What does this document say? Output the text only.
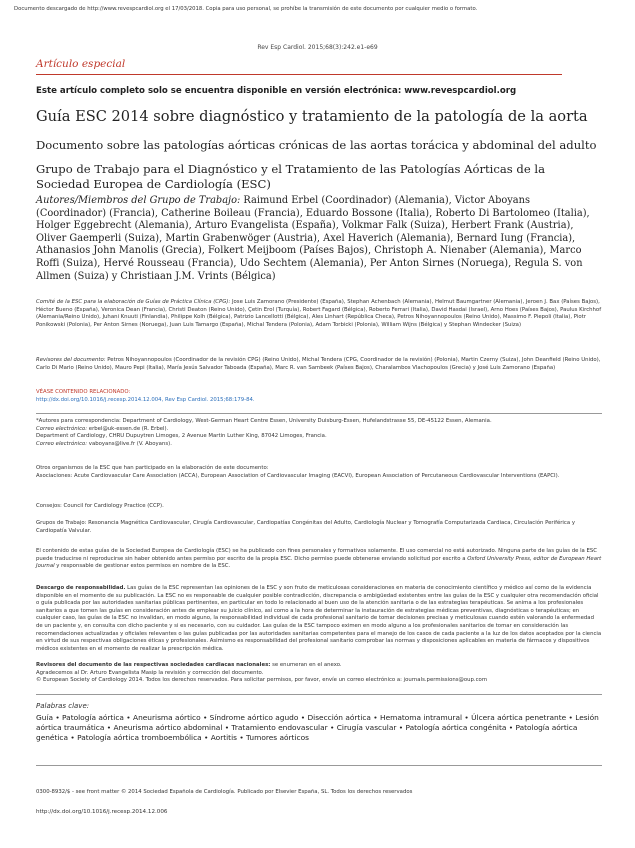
Documento descargado de http://www.revespcardiol.org el 17/03/2018. Copia para uso personal, se prohíbe la transmisión de este documento por cualquier medio o formato.
Rev Esp Cardiol. 2015;68(3):242.e1-e69
Artículo especial
Este artículo completo solo se encuentra disponible en versión electrónica: www.revespcardiol.org
Guía ESC 2014 sobre diagnóstico y tratamiento de la patología de la aorta
Documento sobre las patologías aórticas crónicas de las aortas torácica y abdominal del adulto
Grupo de Trabajo para el Diagnóstico y el Tratamiento de las Patologías Aórticas de la Sociedad Europea de Cardiología (ESC)
Autores/Miembros del Grupo de Trabajo: Raimund Erbel (Coordinador) (Alemania), Victor Aboyans (Coordinador) (Francia), Catherine Boileau (Francia), Eduardo Bossone (Italia), Roberto Di Bartolomeo (Italia), Holger Eggebrecht (Alemania), Arturo Evangelista (España), Volkmar Falk (Suiza), Herbert Frank (Austria), Oliver Gaemperli (Suiza), Martin Grabenwöger (Austria), Axel Haverich (Alemania), Bernard Iung (Francia), Athanasios John Manolis (Grecia), Folkert Meijboom (Países Bajos), Christoph A. Nienaber (Alemania), Marco Roffi (Suiza), Hervé Rousseau (Francia), Udo Sechtem (Alemania), Per Anton Sirnes (Noruega), Regula S. von Allmen (Suiza) y Christiaan J.M. Vrints (Bélgica)
Comité de la ESC para la elaboración de Guías de Práctica Clínica (CPG): Jose Luis Zamorano (Presidente) (España), Stephan Achenbach (Alemania), Helmut Baumgartner (Alemania), Jeroen J. Bax (Países Bajos), Héctor Bueno (España), Veronica Dean (Francia), Christi Deaton (Reino Unido), Çetin Erol (Turquía), Robert Fagard (Bélgica), Roberto Ferrari (Italia), David Hasdai (Israel), Arno Hoes (Países Bajos), Paulus Kirchhof (Alemania/Reino Unido), Juhani Knuuti (Finlandia), Philippe Kolh (Bélgica), Patrizio Lancellotti (Bélgica), Ales Linhart (República Checa), Petros Nihoyannopoulos (Reino Unido), Massimo F. Piepoli (Italia), Piotr Ponikowski (Polonia), Per Anton Sirnes (Noruega), Juan Luis Tamargo (España), Michal Tendera (Polonia), Adam Torbicki (Polonia), William Wijns (Bélgica) y Stephan Windecker (Suiza)
Revisores del documento: Petros Nihoyannopoulos (Coordinador de la revisión CPG) (Reino Unido), Michal Tendera (CPG, Coordinador de la revisión) (Polonia), Martin Czerny (Suiza), John Deanfield (Reino Unido), Carlo Di Mario (Reino Unido), Mauro Pepi (Italia), María Jesús Salvador Taboada (España), Marc R. van Sambeek (Países Bajos), Charalambos Vlachopoulos (Grecia) y José Luis Zamorano (España)
VÉASE CONTENIDO RELACIONADO:
http://dx.doi.org/10.1016/j.recesp.2014.12.004, Rev Esp Cardiol. 2015;68:179-84.
*Autores para correspondencia: Department of Cardiology, West-German Heart Centre Essen, University Duisburg-Essen, Hufelandstrasse 55, DE-45122 Essen, Alemania.
Correo electrónico: erbel@uk-essen.de (R. Erbel).
Department of Cardiology, CHRU Dupuytren Limoges, 2 Avenue Martin Luther King, 87042 Limoges, Francia.
Correo electrónico: vaboyans@live.fr (V. Aboyans).
Otros organismos de la ESC que han participado en la elaboración de este documento:
Asociaciones: Acute Cardiovascular Care Association (ACCA), European Association of Cardiovascular Imaging (EACVI), European Association of Percutaneous Cardiovascular Interventions (EAPCI).
Consejos: Council for Cardiology Practice (CCP).
Grupos de Trabajo: Resonancia Magnética Cardiovascular, Cirugía Cardiovascular, Cardiopatías Congénitas del Adulto, Cardiología Nuclear y Tomografía Computarizada Cardiaca, Circulación Periférica y Cardiopatía Valvular.
El contenido de estas guías de la Sociedad Europea de Cardiología (ESC) se ha publicado con fines personales y formativos solamente. El uso comercial no está autorizado. Ninguna parte de las guías de la ESC puede traducirse ni reproducirse sin haber obtenido antes permiso por escrito de la propia ESC. Dicho permiso puede obtenerse enviando solicitud por escrito a Oxford University Press, editor de European Heart Journal y responsable de gestionar estos permisos en nombre de la ESC.
Descargo de responsabilidad. Las guías de la ESC representan las opiniones de la ESC y son fruto de meticulosas consideraciones en materia de conocimiento científico y médico así como de la evidencia disponible en el momento de su publicación. La ESC no es responsable de cualquier posible contradicción, discrepancia o ambigüedad existentes entre las guías de la ESC y cualquier otra recomendación oficial o guía publicada por las autoridades sanitarias públicas pertinentes, en particular en todo lo relacionado al buen uso de la atención sanitaria o de las estrategias terapéuticas. Se anima a los profesionales sanitarios a que tomen las guías en consideración antes de emplear su juicio clínico, así como a la hora de determinar la instauración de estrategias médicas preventivas, diagnósticas o terapéuticas; en cualquier caso, las guías de la ESC no invalidan, en modo alguno, la responsabilidad individual de cada profesional sanitario de tomar decisiones precisas y meticulosas cuando estén valorando la enfermedad de un paciente y, en consulta con dicho paciente y si es necesario, con su cuidador. Las guías de la ESC tampoco eximen en modo alguno a los profesionales sanitarios de tomar en consideración las recomendaciones actualizadas y oficiales relevantes o las guías publicadas por las autoridades sanitarias competentes para el manejo de los casos de cada paciente a la luz de los datos aceptados por la ciencia en virtud de sus respectivas obligaciones éticas y profesionales. Asimismo es responsabilidad del profesional sanitario comprobar las normas y disposiciones aplicables en materia de fármacos y dispositivos médicos existentes en el momento de realizar la prescripción médica.
Revisores del documento de las respectivas sociedades cardiacas nacionales: se enumeran en el anexo.
Agradecemos al Dr. Arturo Evangelista Masip la revisión y corrección del documento.
© European Society of Cardiology 2014. Todos los derechos reservados. Para solicitar permisos, por favor, envíe un correo electrónico a: journals.permissions@oup.com
Palabras clave:
Guía • Patología aórtica • Aneurisma aórtico • Síndrome aórtico agudo • Disección aórtica • Hematoma intramural • Úlcera aórtica penetrante • Lesión aórtica traumática • Aneurisma aórtico abdominal • Tratamiento endovascular • Cirugía vascular • Patología aórtica congénita • Patología aórtica genética • Patología aórtica tromboembólica • Aortitis • Tumores aórticos
0300-8932/$ - see front matter © 2014 Sociedad Española de Cardiología. Publicado por Elsevier España, SL. Todos los derechos reservados
http://dx.doi.org/10.1016/j.recesp.2014.12.006
